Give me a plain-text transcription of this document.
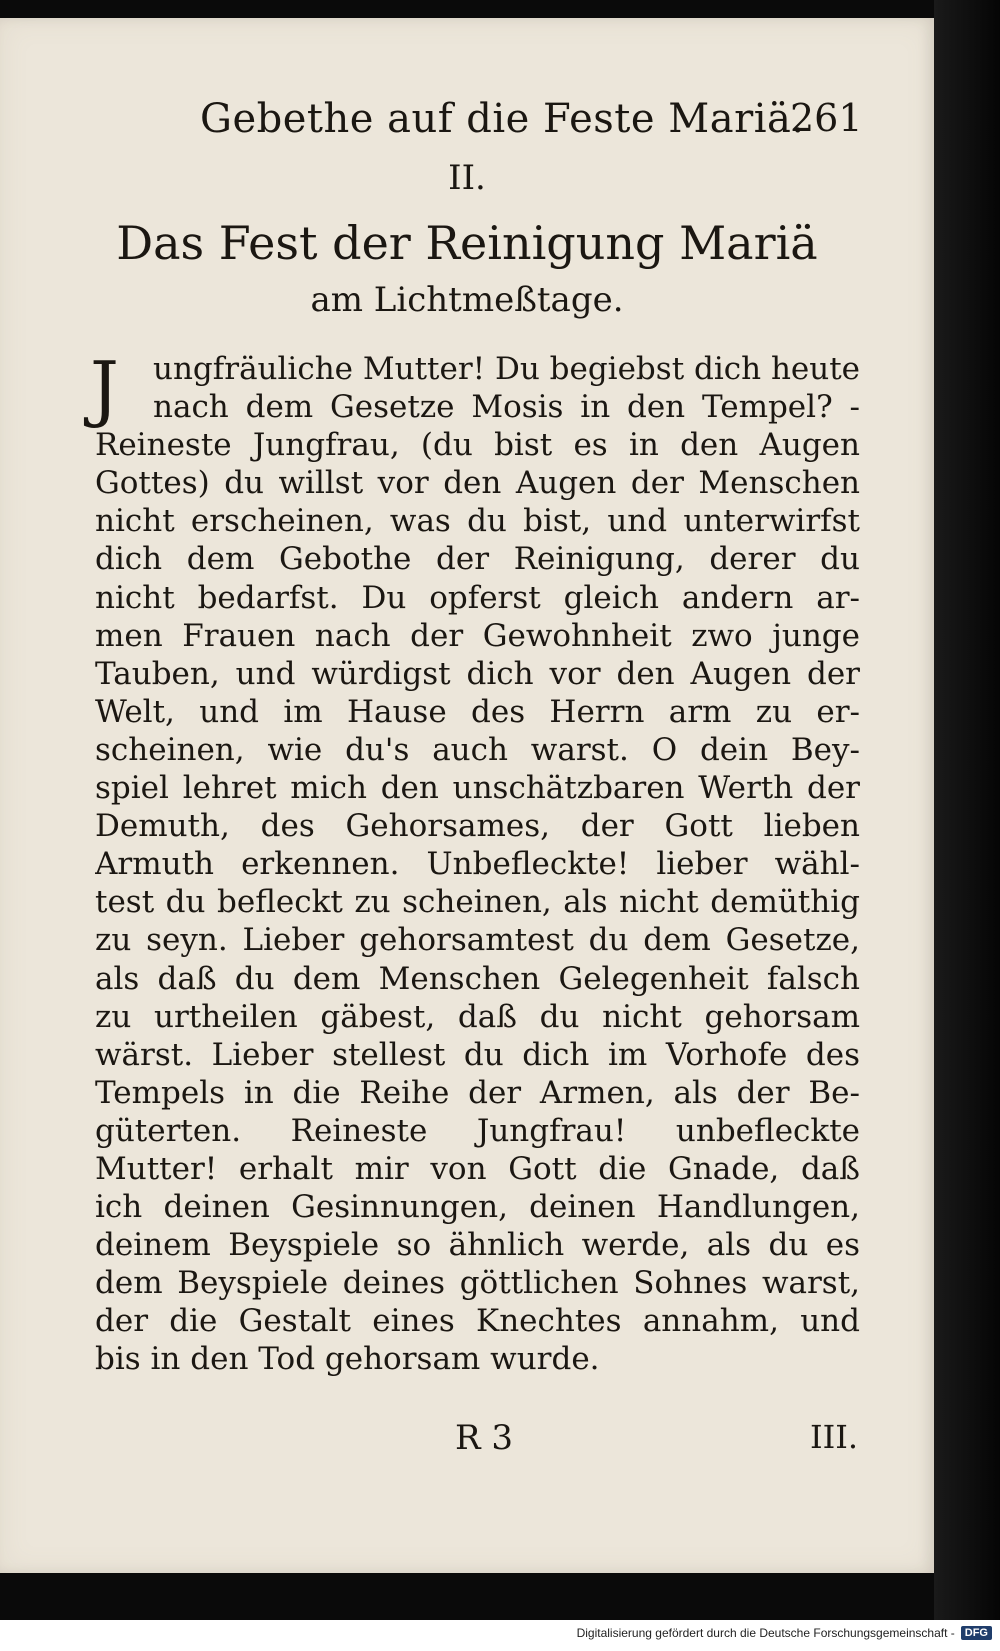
Gebethe auf die Feste Mariä.
261
II.
Das Fest der Reinigung Mariä
am Lichtmeßtage.
J	ungfräuliche Mutter! Du begiebst dich heute
nach dem Gesetze Mosis in den Tempel? -
Reineste Jungfrau, (du bist es in den Augen
Gottes) du willst vor den Augen der Menschen
nicht erscheinen, was du bist, und unterwirfst
dich dem Gebothe der Reinigung, derer du
nicht bedarfst. Du opferst gleich andern ar-
men Frauen nach der Gewohnheit zwo junge
Tauben, und würdigst dich vor den Augen der
Welt, und im Hause des Herrn arm zu er-
scheinen, wie du's auch warst. O dein Bey-
spiel lehret mich den unschätzbaren Werth der
Demuth, des Gehorsames, der Gott lieben
Armuth erkennen. Unbefleckte! lieber wähl-
test du befleckt zu scheinen, als nicht demüthig
zu seyn. Lieber gehorsamtest du dem Gesetze,
als daß du dem Menschen Gelegenheit falsch
zu urtheilen gäbest, daß du nicht gehorsam
wärst. Lieber stellest du dich im Vorhofe des
Tempels in die Reihe der Armen, als der Be-
güterten. Reineste Jungfrau! unbefleckte
Mutter! erhalt mir von Gott die Gnade, daß
ich deinen Gesinnungen, deinen Handlungen,
deinem Beyspiele so ähnlich werde, als du es
dem Beyspiele deines göttlichen Sohnes warst,
der die Gestalt eines Knechtes annahm, und
bis in den Tod gehorsam wurde.
R 3	III.
Digitalisierung gefördert durch die Deutsche Forschungsgemeinschaft - DFG
